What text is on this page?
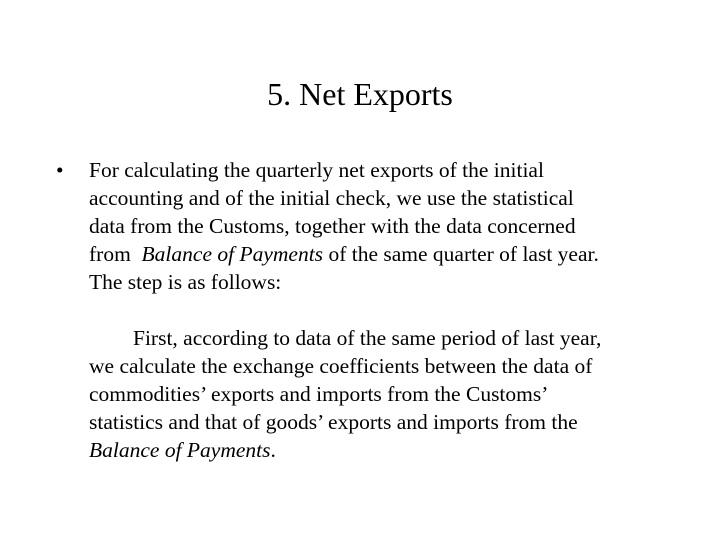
5. Net Exports
•	For calculating the quarterly net exports of the initial

accounting and of the initial check, we use the statistical

data from the Customs, together with the data concerned

from  Balance of Payments of the same quarter of last year.

The step is as follows:

First, according to data of the same period of last year,

we calculate the exchange coefficients between the data of

commodities’ exports and imports from the Customs’

statistics and that of goods’ exports and imports from the

Balance of Payments.
